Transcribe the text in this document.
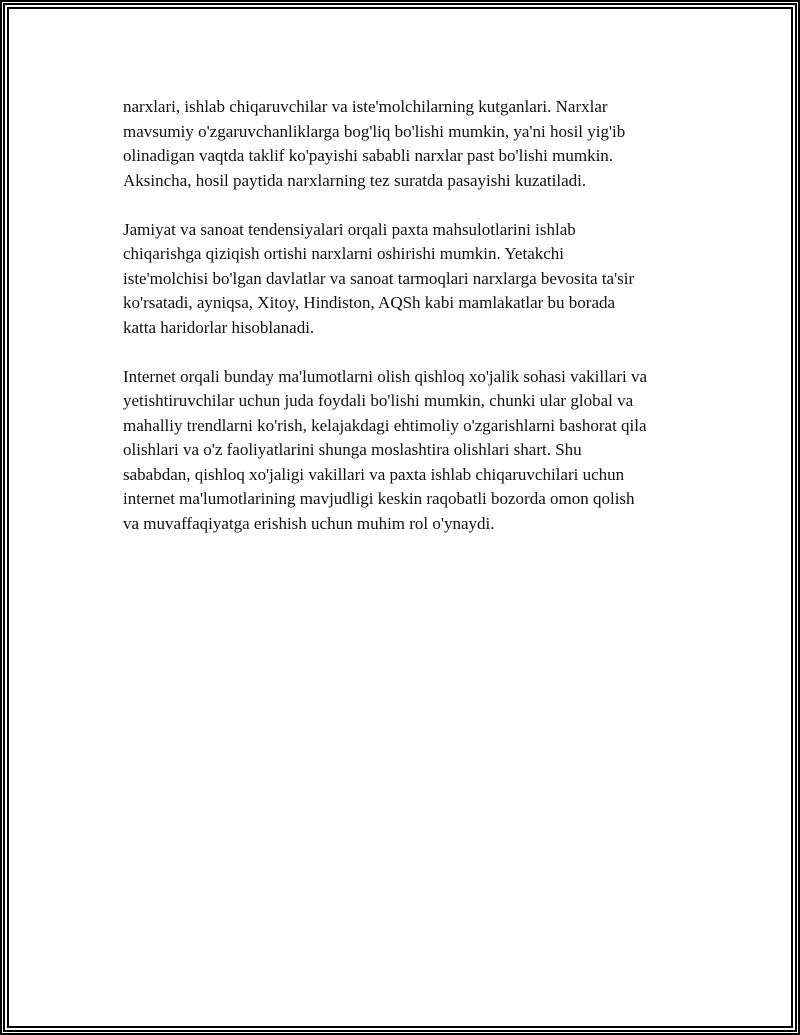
narxlari, ishlab chiqaruvchilar va iste'molchilarning kutganlari. Narxlar
mavsumiy o'zgaruvchanliklarga bog'liq bo'lishi mumkin, ya'ni hosil yig'ib
olinadigan vaqtda taklif ko'payishi sababli narxlar past bo'lishi mumkin.
Aksincha, hosil paytida narxlarning tez suratda pasayishi kuzatiladi.

Jamiyat va sanoat tendensiyalari orqali paxta mahsulotlarini ishlab
chiqarishga qiziqish ortishi narxlarni oshirishi mumkin. Yetakchi
iste'molchisi bo'lgan davlatlar va sanoat tarmoqlari narxlarga bevosita ta'sir
ko'rsatadi, ayniqsa, Xitoy, Hindiston, AQSh kabi mamlakatlar bu borada
katta haridorlar hisoblanadi.

Internet orqali bunday ma'lumotlarni olish qishloq xo'jalik sohasi vakillari va
yetishtiruvchilar uchun juda foydali bo'lishi mumkin, chunki ular global va
mahalliy trendlarni ko'rish, kelajakdagi ehtimoliy o'zgarishlarni bashorat qila
olishlari va o'z faoliyatlarini shunga moslashtira olishlari shart. Shu
sababdan, qishloq xo'jaligi vakillari va paxta ishlab chiqaruvchilari uchun
internet ma'lumotlarining mavjudligi keskin raqobatli bozorda omon qolish
va muvaffaqiyatga erishish uchun muhim rol o'ynaydi.
